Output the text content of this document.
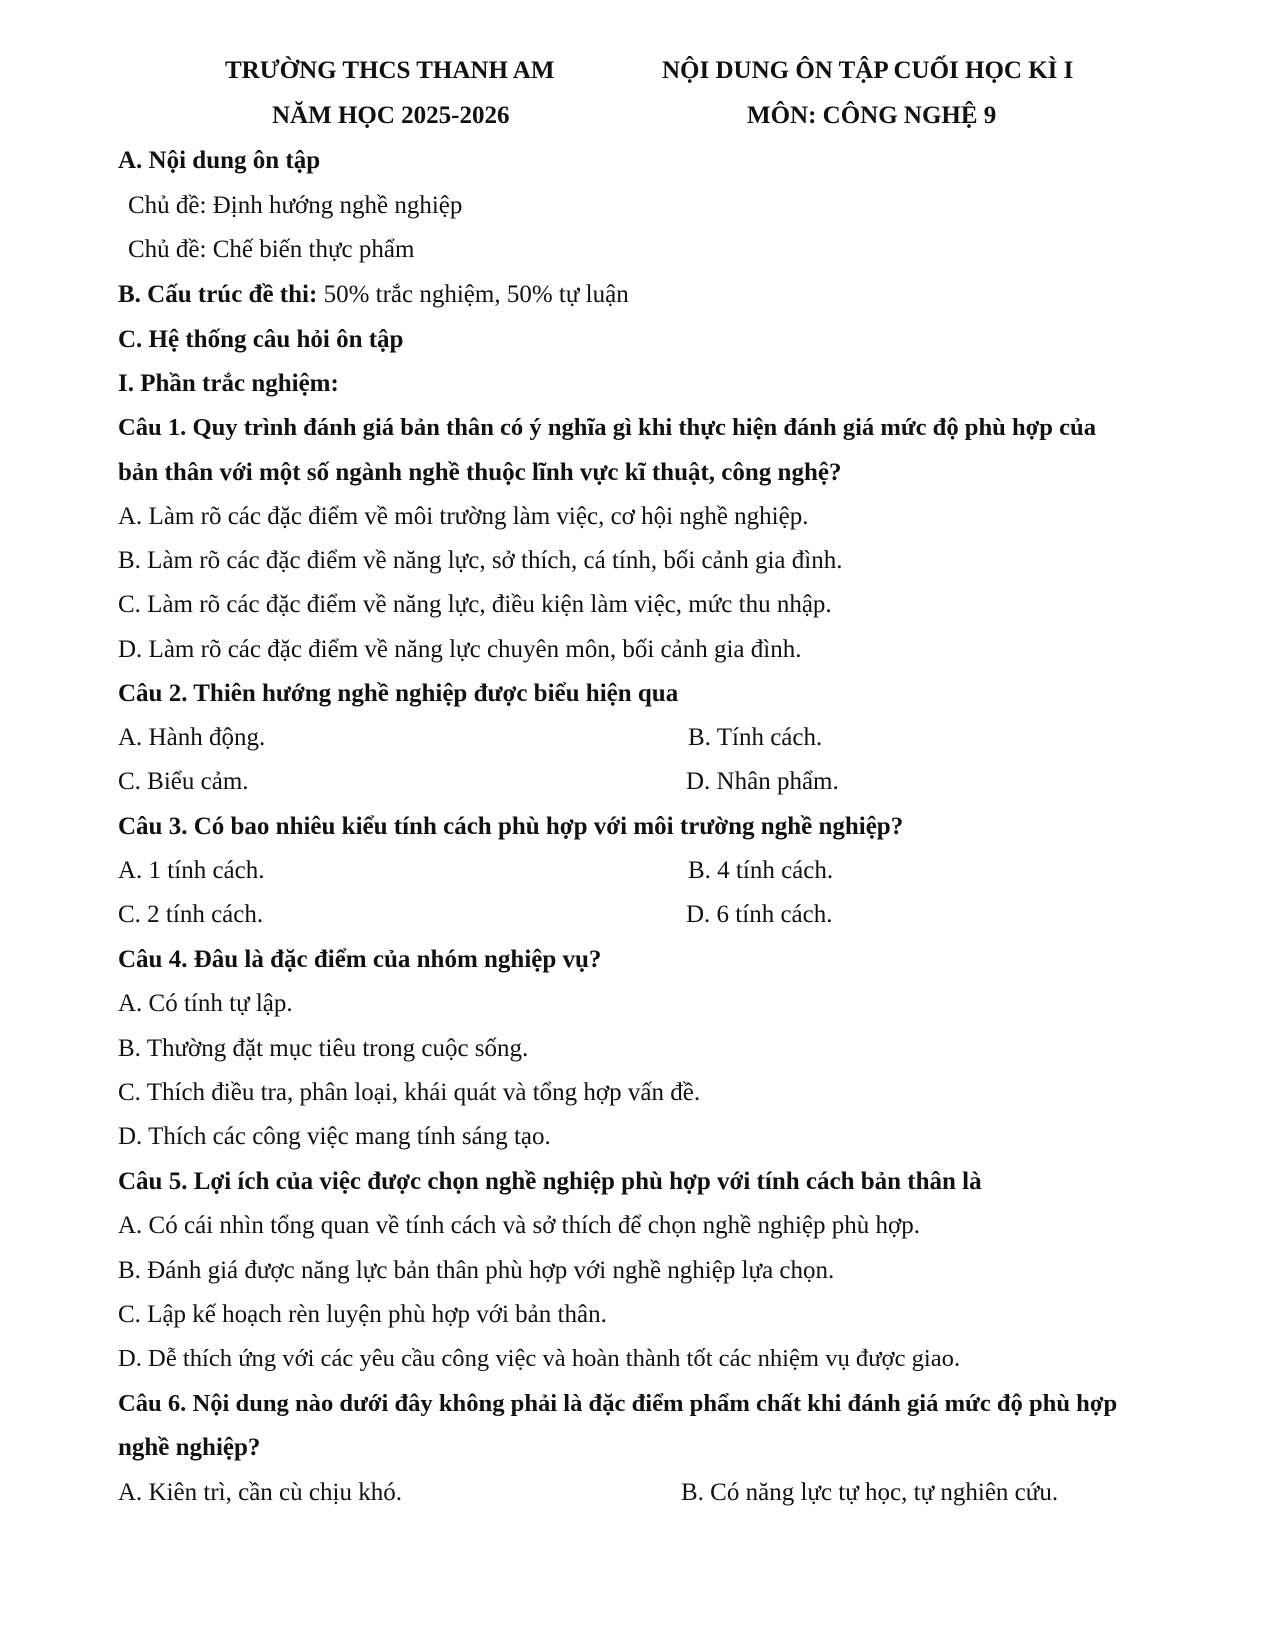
TRƯỜNG THCS THANH AM
NĂM HỌC 2025-2026
NỘI DUNG ÔN TẬP CUỐI HỌC KÌ I
MÔN: CÔNG NGHỆ 9
A. Nội dung ôn tập
Chủ đề: Định hướng nghề nghiệp
Chủ đề: Chế biến thực phẩm
B. Cấu trúc đề thi: 50% trắc nghiệm, 50% tự luận
C. Hệ thống câu hỏi ôn tập
I. Phần trắc nghiệm:
Câu 1. Quy trình đánh giá bản thân có ý nghĩa gì khi thực hiện đánh giá mức độ phù hợp của
bản thân với một số ngành nghề thuộc lĩnh vực kĩ thuật, công nghệ?
A. Làm rõ các đặc điểm về môi trường làm việc, cơ hội nghề nghiệp.
B. Làm rõ các đặc điểm về năng lực, sở thích, cá tính, bối cảnh gia đình.
C. Làm rõ các đặc điểm về năng lực, điều kiện làm việc, mức thu nhập.
D. Làm rõ các đặc điểm về năng lực chuyên môn, bối cảnh gia đình.
Câu 2. Thiên hướng nghề nghiệp được biểu hiện qua
A. Hành động.	B. Tính cách.
C. Biểu cảm.	D. Nhân phẩm.
Câu 3. Có bao nhiêu kiểu tính cách phù hợp với môi trường nghề nghiệp?
A. 1 tính cách.	B. 4 tính cách.
C. 2 tính cách.	D. 6 tính cách.
Câu 4. Đâu là đặc điểm của nhóm nghiệp vụ?
A. Có tính tự lập.
B. Thường đặt mục tiêu trong cuộc sống.
C. Thích điều tra, phân loại, khái quát và tổng hợp vấn đề.
D. Thích các công việc mang tính sáng tạo.
Câu 5. Lợi ích của việc được chọn nghề nghiệp phù hợp với tính cách bản thân là
A. Có cái nhìn tổng quan về tính cách và sở thích để chọn nghề nghiệp phù hợp.
B. Đánh giá được năng lực bản thân phù hợp với nghề nghiệp lựa chọn.
C. Lập kế hoạch rèn luyện phù hợp với bản thân.
D. Dễ thích ứng với các yêu cầu công việc và hoàn thành tốt các nhiệm vụ được giao.
Câu 6. Nội dung nào dưới đây không phải là đặc điểm phẩm chất khi đánh giá mức độ phù hợp
nghề nghiệp?
A. Kiên trì, cần cù chịu khó.	B. Có năng lực tự học, tự nghiên cứu.
